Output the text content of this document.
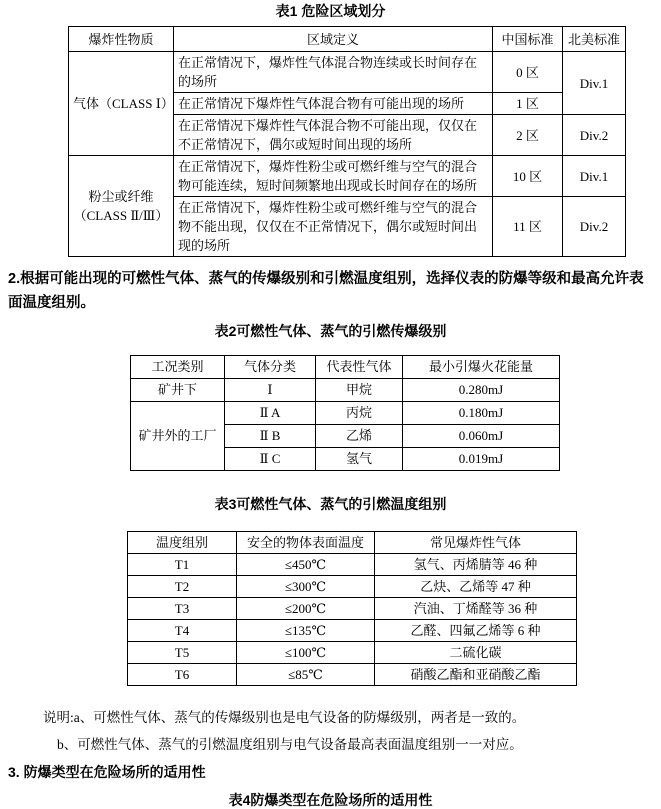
表1 危险区域划分
爆炸性物质	区域定义	中国标准	北美标准
气体（CLASS Ⅰ）	在正常情况下，爆炸性气体混合物连续或长时间存在的场所	0 区	Div.1
	在正常情况下爆炸性气体混合物有可能出现的场所	1 区	
	在正常情况下爆炸性气体混合物不可能出现，仅仅在不正常情况下，偶尔或短时间出现的场所	2 区	Div.2
粉尘或纤维（CLASS Ⅱ/Ⅲ）	在正常情况下，爆炸性粉尘或可燃纤维与空气的混合物可能连续，短时间频繁地出现或长时间存在的场所	10 区	Div.1
	在正常情况下，爆炸性粉尘或可燃纤维与空气的混合物不能出现，仅仅在不正常情况下，偶尔或短时间出现的场所	11 区	Div.2

2.根据可能出现的可燃性气体、蒸气的传爆级别和引燃温度组别，选择仪表的防爆等级和最高允许表面温度组别。

表2可燃性气体、蒸气的引燃传爆级别
工况类别	气体分类	代表性气体	最小引爆火花能量
矿井下	Ⅰ	甲烷	0.280mJ
矿井外的工厂	Ⅱ A	丙烷	0.180mJ
	Ⅱ B	乙烯	0.060mJ
	Ⅱ C	氢气	0.019mJ
表3可燃性气体、蒸气的引燃温度组别
温度组别	安全的物体表面温度	常见爆炸性气体
T1	≤450℃	氢气、丙烯腈等 46 种
T2	≤300℃	乙炔、乙烯等 47 种
T3	≤200℃	汽油、丁烯醛等 36 种
T4	≤135℃	乙醛、四氟乙烯等 6 种
T5	≤100℃	二硫化碳
T6	≤85℃	硝酸乙酯和亚硝酸乙酯

说明:a、可燃性气体、蒸气的传爆级别也是电气设备的防爆级别，两者是一致的。

b、可燃性气体、蒸气的引燃温度组别与电气设备最高表面温度组别一一对应。

3. 防爆类型在危险场所的适用性

表4防爆类型在危险场所的适用性
